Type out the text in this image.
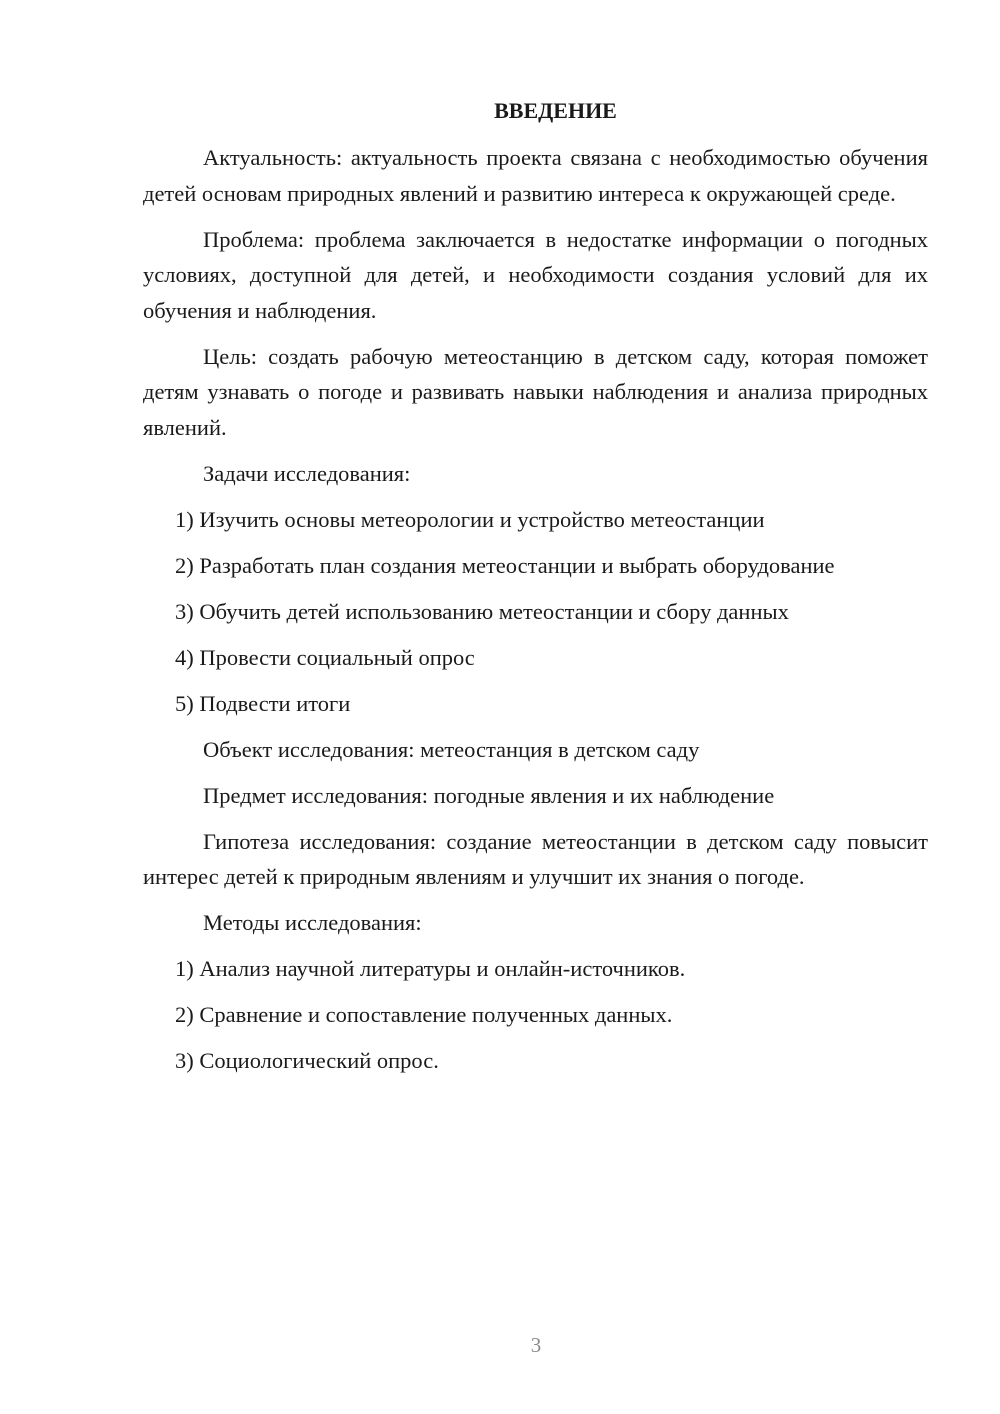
ВВЕДЕНИЕ

Актуальность: актуальность проекта связана с необходимостью обучения детей основам природных явлений и развитию интереса к окружающей среде.

Проблема: проблема заключается в недостатке информации о погодных условиях, доступной для детей, и необходимости создания условий для их обучения и наблюдения.

Цель: создать рабочую метеостанцию в детском саду, которая поможет детям узнавать о погоде и развивать навыки наблюдения и анализа природных явлений.

Задачи исследования:
1) Изучить основы метеорологии и устройство метеостанции
2) Разработать план создания метеостанции и выбрать оборудование
3) Обучить детей использованию метеостанции и сбору данных
4) Провести социальный опрос
5) Подвести итоги
Объект исследования: метеостанция в детском саду
Предмет исследования: погодные явления и их наблюдение

Гипотеза исследования: создание метеостанции в детском саду повысит интерес детей к природным явлениям и улучшит их знания о погоде.

Методы исследования:
1) Анализ научной литературы и онлайн-источников.
2) Сравнение и сопоставление полученных данных.
3) Социологический опрос.
3
